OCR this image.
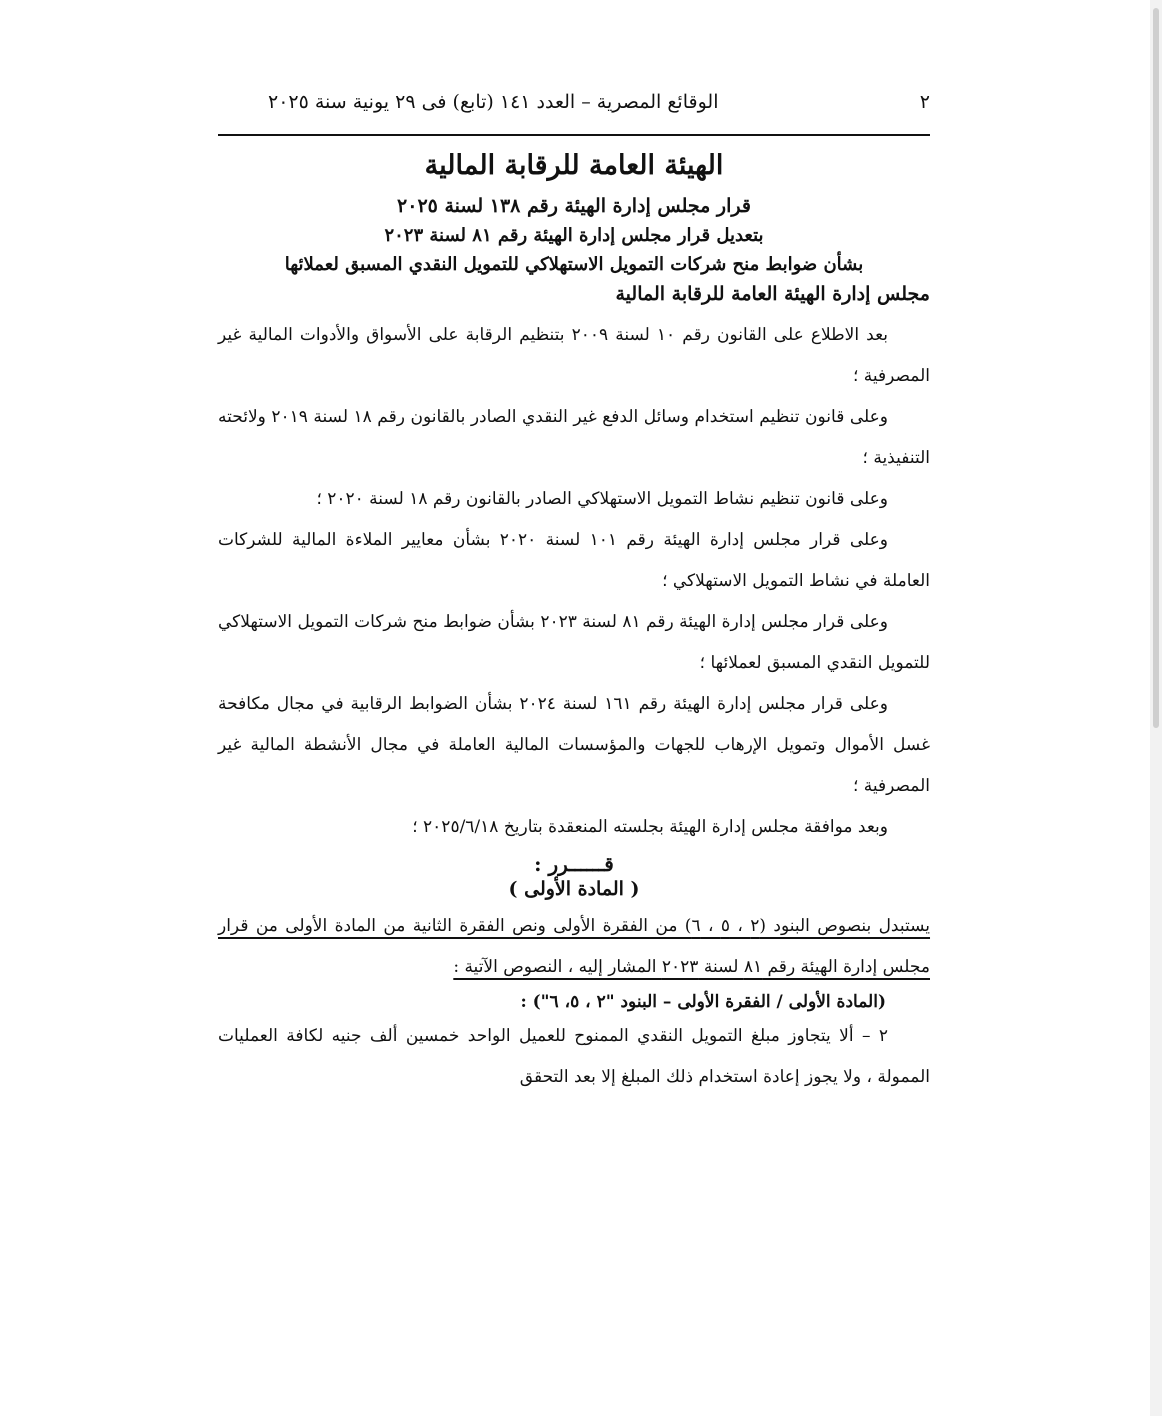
٢
الوقائع المصرية – العدد ١٤١ (تابع) فى ٢٩ يونية سنة ٢٠٢٥
الهيئة العامة للرقابة المالية
قرار مجلس إدارة الهيئة رقم ١٣٨ لسنة ٢٠٢٥
بتعديل قرار مجلس إدارة الهيئة رقم ٨١ لسنة ٢٠٢٣
بشأن ضوابط منح شركات التمويل الاستهلاكي للتمويل النقدي المسبق لعملائها
مجلس إدارة الهيئة العامة للرقابة المالية

بعد الاطلاع على القانون رقم ١٠ لسنة ٢٠٠٩ بتنظيم الرقابة على الأسواق والأدوات المالية غير المصرفية ؛

وعلى قانون تنظيم استخدام وسائل الدفع غير النقدي الصادر بالقانون رقم ١٨ لسنة ٢٠١٩ ولائحته التنفيذية ؛

وعلى قانون تنظيم نشاط التمويل الاستهلاكي الصادر بالقانون رقم ١٨ لسنة ٢٠٢٠ ؛

وعلى قرار مجلس إدارة الهيئة رقم ١٠١ لسنة ٢٠٢٠ بشأن معايير الملاءة المالية للشركات العاملة في نشاط التمويل الاستهلاكي ؛

وعلى قرار مجلس إدارة الهيئة رقم ٨١ لسنة ٢٠٢٣ بشأن ضوابط منح شركات التمويل الاستهلاكي للتمويل النقدي المسبق لعملائها ؛

وعلى قرار مجلس إدارة الهيئة رقم ١٦١ لسنة ٢٠٢٤ بشأن الضوابط الرقابية في مجال مكافحة غسل الأموال وتمويل الإرهاب للجهات والمؤسسات المالية العاملة في مجال الأنشطة المالية غير المصرفية ؛

وبعد موافقة مجلس إدارة الهيئة بجلسته المنعقدة بتاريخ ٢٠٢٥/٦/١٨ ؛

قــــــرر :
( المادة الأولى )

يستبدل بنصوص البنود (٢ ، ٥ ، ٦) من الفقرة الأولى ونص الفقرة الثانية من المادة الأولى من قرار مجلس إدارة الهيئة رقم ٨١ لسنة ٢٠٢٣ المشار إليه ، النصوص الآتية :

(المادة الأولى / الفقرة الأولى – البنود "٢ ، ٥، ٦") :

٢ – ألا يتجاوز مبلغ التمويل النقدي الممنوح للعميل الواحد خمسين ألف جنيه لكافة العمليات الممولة ، ولا يجوز إعادة استخدام ذلك المبلغ إلا بعد التحقق
